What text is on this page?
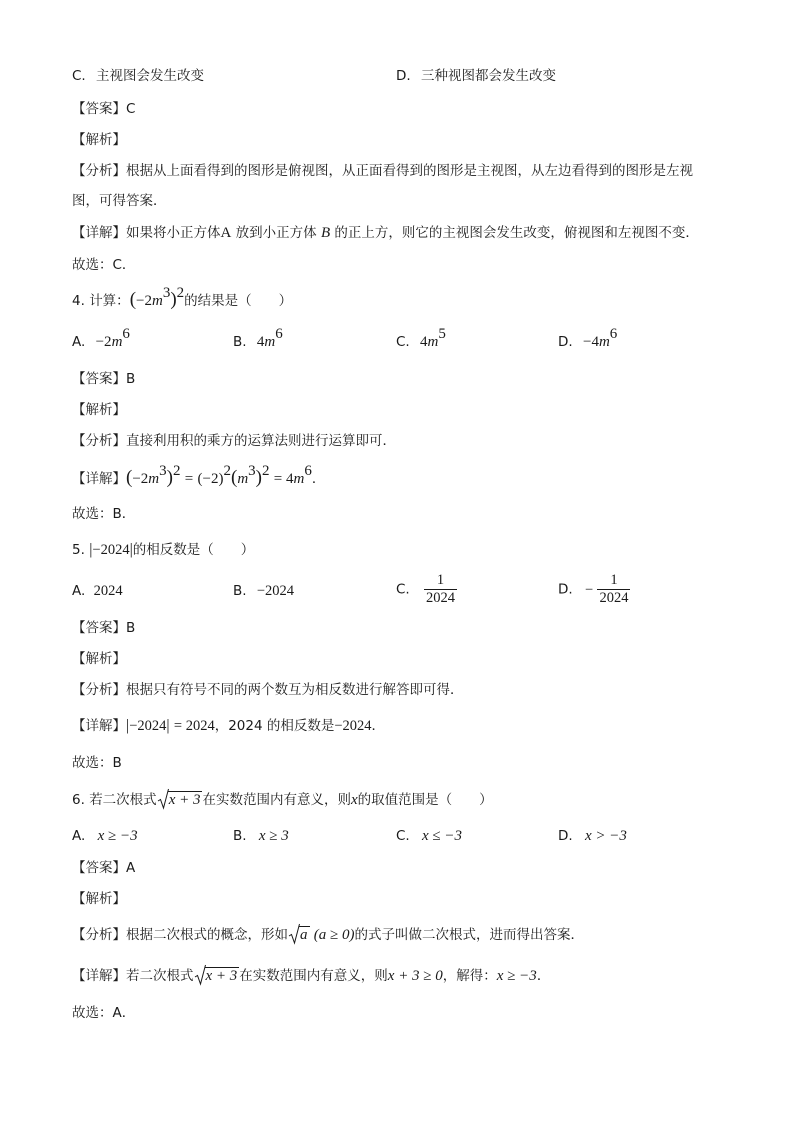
C. 主视图会发生改变	D. 三种视图都会发生改变
【答案】C
【解析】
【分析】根据从上面看得到的图形是俯视图，从正面看得到的图形是主视图，从左边看得到的图形是左视
图，可得答案．
【详解】如果将小正方体A 放到小正方体 B 的正上方，则它的主视图会发生改变，俯视图和左视图不变．
故选：C．
4. 计算：$(-2m^3)^2$的结果是（　　）
A. $-2m^6$	B. $4m^6$	C. $4m^5$	D. $-4m^6$
【答案】B
【解析】
【分析】直接利用积的乘方的运算法则进行运算即可．
【详解】$(-2m^3)^2 = (-2)^2(m^3)^2 = 4m^6$．
故选：B．
5. |−2024|的相反数是（　　）
A. 2024	B. −2024	C. $\frac{1}{2024}$	D. − $\frac{1}{2024}$
【答案】B
【解析】
【分析】根据只有符号不同的两个数互为相反数进行解答即可得．
【详解】|−2024| = 2024，2024 的相反数是−2024．
故选：B
6. 若二次根式 x + 3 在实数范围内有意义，则x的取值范围是（　　）
A. x ≥ −3	B. x ≥ 3	C. x ≤ −3	D. x > −3
【答案】A
【解析】
【分析】根据二次根式的概念，形如 a (a ≥ 0)的式子叫做二次根式，进而得出答案．
【详解】若二次根式 x + 3 在实数范围内有意义，则x + 3 ≥ 0，解得：x ≥ −3．
故选：A．
